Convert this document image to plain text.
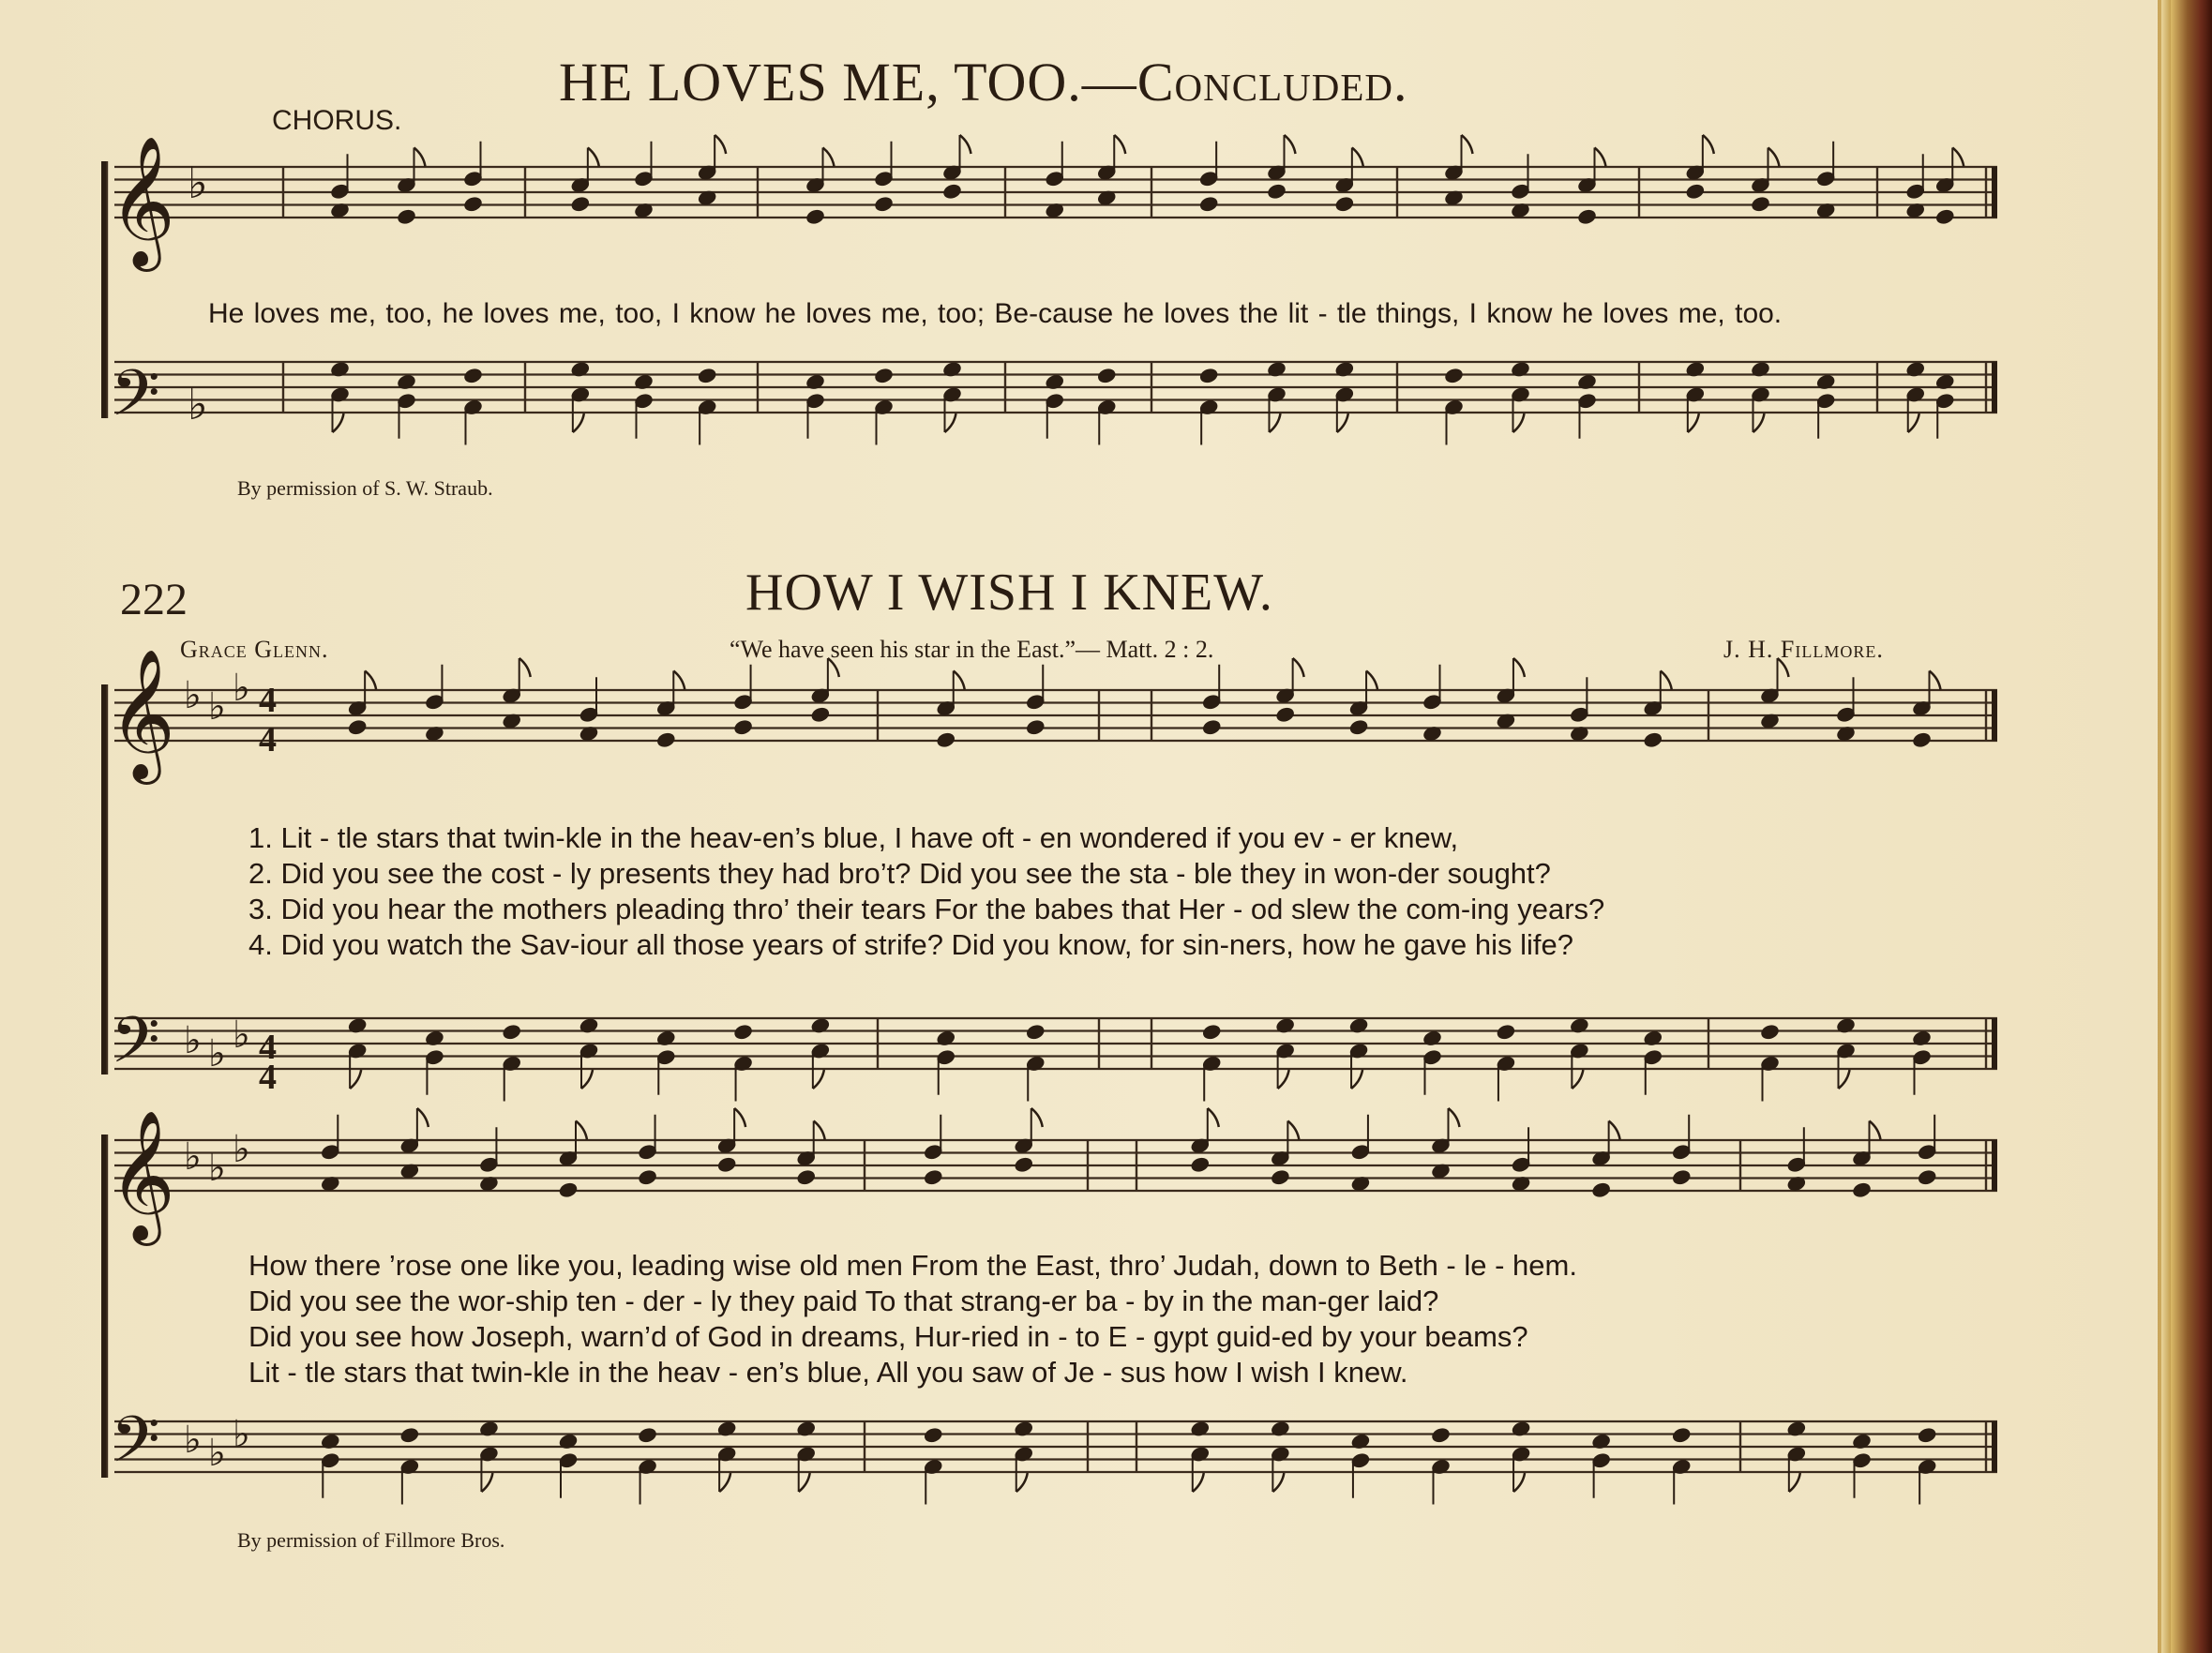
HE LOVES ME, TOO.—Concluded.
CHORUS.
𝄞 ♭
𝄢 ♭
𝄞 ♭ ♭ ♭ 4
4
𝄢 ♭ ♭ ♭ 4
4
𝄞 ♭ ♭ ♭
𝄢 ♭ ♭ ♭
He loves me, too, he loves me, too, I know he loves me, too; Be-cause he loves the lit - tle things, I know he loves me, too.
By permission of S. W. Straub.
222	HOW I WISH I KNEW.
Grace Glenn.	“We have seen his star in the East.”— Matt. 2 : 2.	J. H. Fillmore.
1. Lit - tle stars that twin-kle in the heav-en’s blue, I have oft - en wondered if you ev - er knew,
2. Did you see the cost - ly presents they had bro’t? Did you see the sta - ble they in won-der sought?
3. Did you hear the mothers pleading thro’ their tears For the babes that Her - od slew the com-ing years?
4. Did you watch the Sav-iour all those years of strife? Did you know, for sin-ners, how he gave his life?
How there ’rose one like you, leading wise old men From the East, thro’ Judah, down to Beth - le - hem.
Did you see the wor-ship ten - der - ly they paid To that strang-er ba - by in the man-ger laid?
Did you see how Joseph, warn’d of God in dreams, Hur-ried in - to E - gypt guid-ed by your beams?
Lit - tle stars that twin-kle in the heav - en’s blue, All you saw of Je - sus how I wish I knew.
By permission of Fillmore Bros.
